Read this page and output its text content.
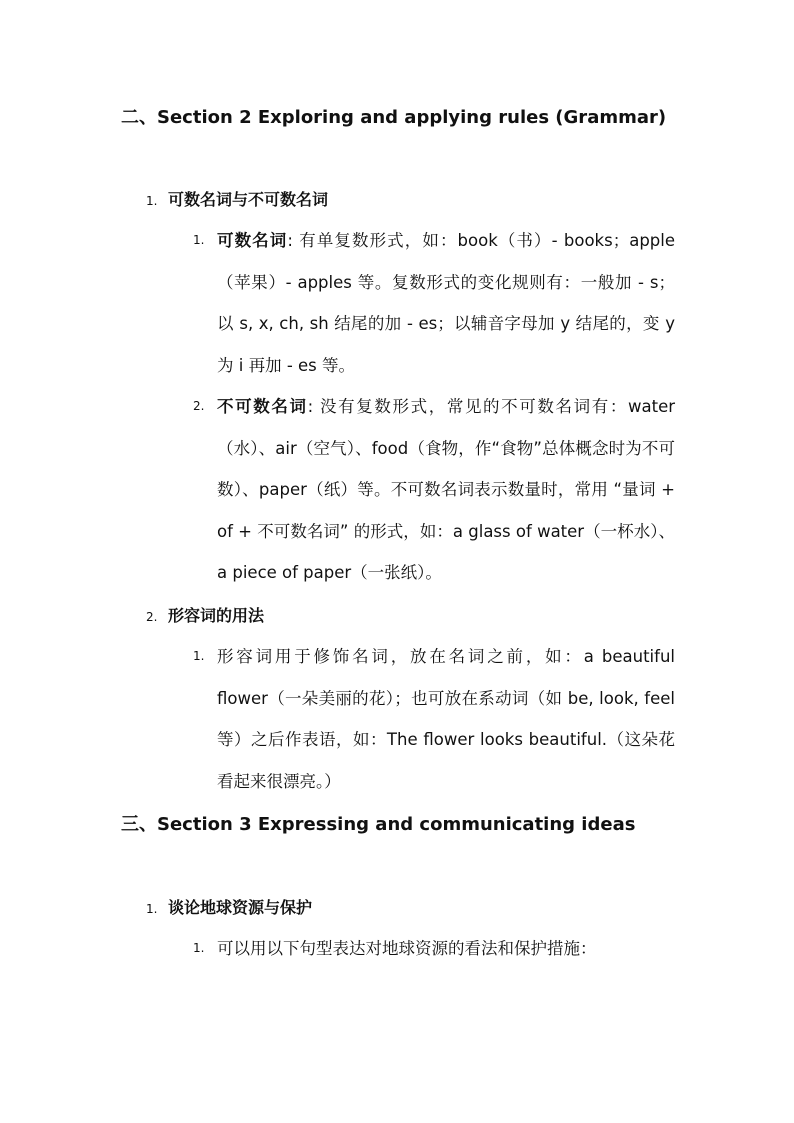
二、Section 2 Exploring and applying rules (Grammar)
1. 可数名词与不可数名词
1. 可数名词: 有单复数形式，如：book（书）- books；apple（苹果）- apples 等。复数形式的变化规则有：一般加 - s；以 s, x, ch, sh 结尾的加 - es；以辅音字母加 y 结尾的，变 y 为 i 再加 - es 等。
2. 不可数名词: 没有复数形式，常见的不可数名词有：water（水）、air（空气）、food（食物，作“食物”总体概念时为不可数）、paper（纸）等。不可数名词表示数量时，常用 “量词 + of + 不可数名词” 的形式，如：a glass of water（一杯水）、a piece of paper（一张纸）。
2. 形容词的用法
1. 形容词用于修饰名词，放在名词之前，如：a beautiful flower（一朵美丽的花）；也可放在系动词（如 be, look, feel 等）之后作表语，如：The flower looks beautiful.（这朵花看起来很漂亮。）
三、Section 3 Expressing and communicating ideas
1. 谈论地球资源与保护
1. 可以用以下句型表达对地球资源的看法和保护措施：
